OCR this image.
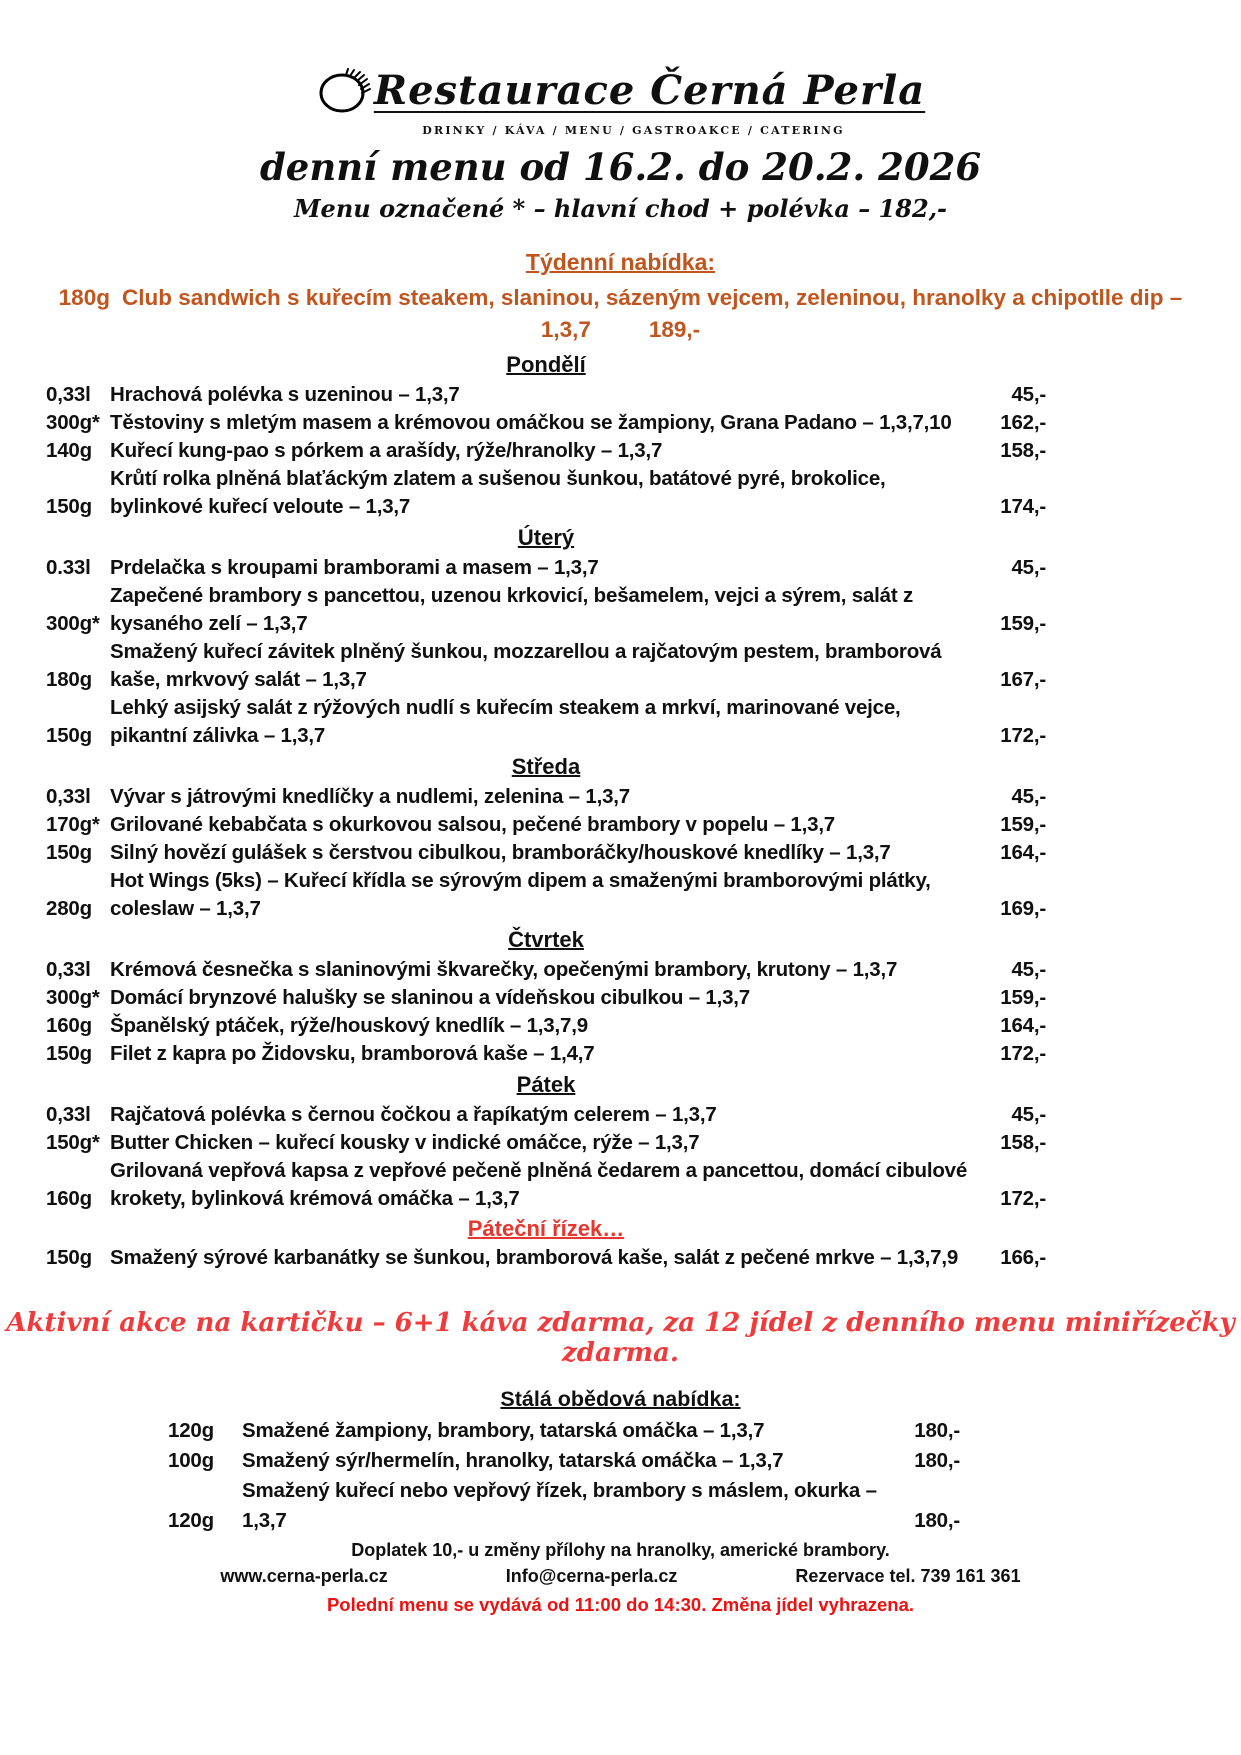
Restaurace Černá Perla
DRINKY / KÁVA / MENU / GASTROAKCE / CATERING
denní menu od 16.2. do 20.2. 2026
Menu označené * – hlavní chod + polévka – 182,-
Týdenní nabídka:
180g Club sandwich s kuřecím steakem, slaninou, sázeným vejcem, zeleninou, hranolky a chipotlle dip – 1,3,7	189,-
Pondělí
0,33l Hrachová polévka s uzeninou – 1,3,7	45,-
300g* Těstoviny s mletým masem a krémovou omáčkou se žampiony, Grana Padano – 1,3,7,10	162,-
140g Kuřecí kung-pao s pórkem a arašídy, rýže/hranolky – 1,3,7	158,-
150g
Krůtí rolka plněná blaťáckým zlatem a sušenou šunkou, batátové pyré, brokolice, bylinkové kuřecí veloute – 1,3,7	174,-
Úterý
0.33l Prdelačka s kroupami bramborami a masem – 1,3,7	45,-
300g*
Zapečené brambory s pancettou, uzenou krkovicí, bešamelem, vejci a sýrem, salát z kysaného zelí – 1,3,7	159,-
180g
Smažený kuřecí závitek plněný šunkou, mozzarellou a rajčatovým pestem, bramborová kaše, mrkvový salát – 1,3,7	167,-
150g
Lehký asijský salát z rýžových nudlí s kuřecím steakem a mrkví, marinované vejce, pikantní zálivka – 1,3,7	172,-
Středa
0,33l Vývar s játrovými knedlíčky a nudlemi, zelenina – 1,3,7	45,-
170g* Grilované kebabčata s okurkovou salsou, pečené brambory v popelu – 1,3,7	159,-
150g Silný hovězí gulášek s čerstvou cibulkou, bramboráčky/houskové knedlíky – 1,3,7	164,-
280g
Hot Wings (5ks) – Kuřecí křídla se sýrovým dipem a smaženými bramborovými plátky, coleslaw – 1,3,7	169,-
Čtvrtek
0,33l Krémová česnečka s slaninovými škvarečky, opečenými brambory, krutony – 1,3,7	45,-
300g* Domácí brynzové halušky se slaninou a vídeňskou cibulkou – 1,3,7	159,-
160g Španělský ptáček, rýže/houskový knedlík – 1,3,7,9	164,-
150g Filet z kapra po Židovsku, bramborová kaše – 1,4,7	172,-
Pátek
0,33l Rajčatová polévka s černou čočkou a řapíkatým celerem – 1,3,7	45,-
150g* Butter Chicken – kuřecí kousky v indické omáčce, rýže – 1,3,7	158,-
160g
Grilovaná vepřová kapsa z vepřové pečeně plněná čedarem a pancettou, domácí cibulové krokety, bylinková krémová omáčka – 1,3,7	172,-
Páteční řízek…
150g Smažený sýrové karbanátky se šunkou, bramborová kaše, salát z pečené mrkve – 1,3,7,9	166,-
Aktivní akce na kartičku – 6+1 káva zdarma, za 12 jídel z denního menu miniřízečky zdarma.
Stálá obědová nabídka:
120g	Smažené žampiony, brambory, tatarská omáčka – 1,3,7	180,-
100g	Smažený sýr/hermelín, hranolky, tatarská omáčka – 1,3,7	180,-
120g
Smažený kuřecí nebo vepřový řízek, brambory s máslem, okurka – 1,3,7	180,-
Doplatek 10,- u změny přílohy na hranolky, americké brambory.
www.cerna-perla.cz	Info@cerna-perla.cz	Rezervace tel. 739 161 361
Polední menu se vydává od 11:00 do 14:30. Změna jídel vyhrazena.
